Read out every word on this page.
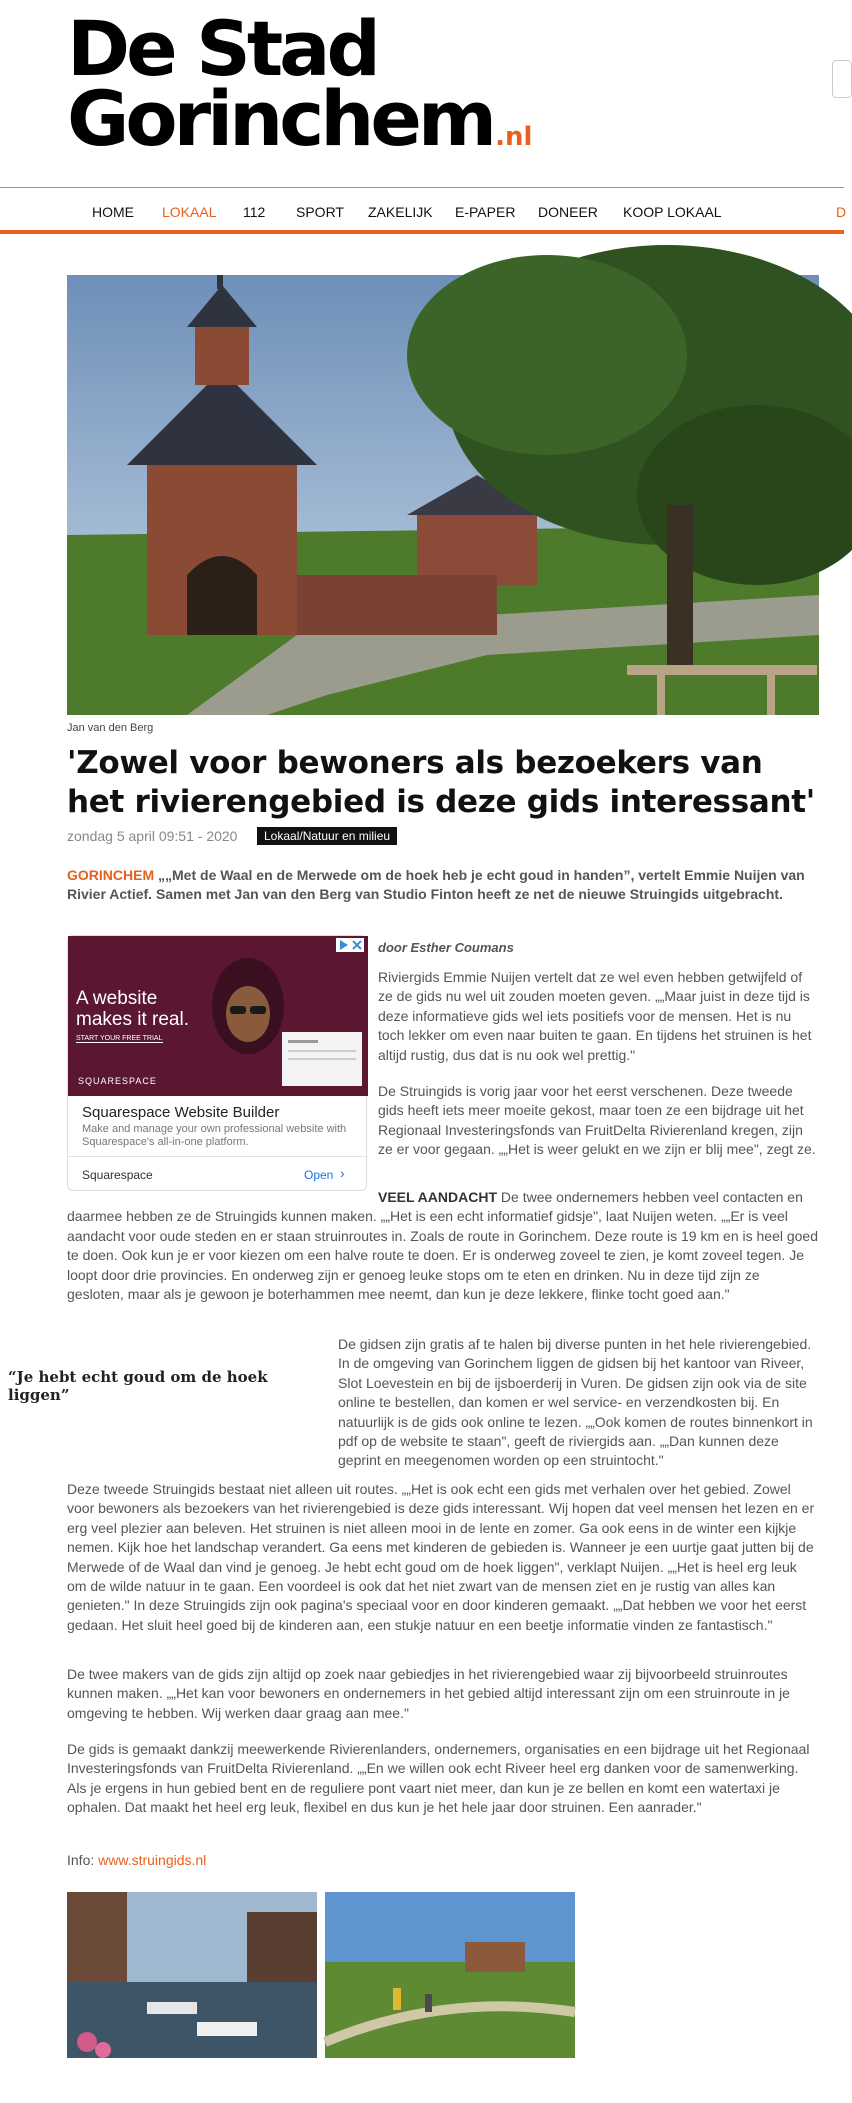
De Stad
Gorinchem.nl
HOME LOKAAL 112 SPORT ZAKELIJK E-PAPER DONEER KOOP LOKAAL	D
Jan van den Berg
'Zowel voor bewoners als bezoekers van het rivierengebied is deze gids interessant'
zondag 5 april 09:51 - 2020	Lokaal/Natuur en milieu

GORINCHEM „„Met de Waal en de Merwede om de hoek heb je echt goud in handen”, vertelt Emmie Nuijen van Rivier Actief. Samen met Jan van den Berg van Studio Finton heeft ze net de nieuwe Struingids uitgebracht.

A website
makes it real.
START YOUR FREE TRIAL
SQUARESPACE
Squarespace Website Builder
Make and manage your own professional website with Squarespace's all-in-one platform.
Squarespace	Open ›
door Esther Coumans

Riviergids Emmie Nuijen vertelt dat ze wel even hebben getwijfeld of ze de gids nu wel uit zouden moeten geven. „„Maar juist in deze tijd is deze informatieve gids wel iets positiefs voor de mensen. Het is nu toch lekker om even naar buiten te gaan. En tijdens het struinen is het altijd rustig, dus dat is nu ook wel prettig."

De Struingids is vorig jaar voor het eerst verschenen. Deze tweede gids heeft iets meer moeite gekost, maar toen ze een bijdrage uit het Regionaal Investeringsfonds van FruitDelta Rivierenland kregen, zijn ze er voor gegaan. „„Het is weer gelukt en we zijn er blij mee", zegt ze.

VEEL AANDACHT De twee ondernemers hebben veel contacten en daarmee hebben ze de Struingids kunnen maken. „„Het is een echt informatief gidsje", laat Nuijen weten. „„Er is veel aandacht voor oude steden en er staan struinroutes in. Zoals de route in Gorinchem. Deze route is 19 km en is heel goed te doen. Ook kun je er voor kiezen om een halve route te doen. Er is onderweg zoveel te zien, je komt zoveel tegen. Je loopt door drie provincies. En onderweg zijn er genoeg leuke stops om te eten en drinken. Nu in deze tijd zijn ze gesloten, maar als je gewoon je boterhammen mee neemt, dan kun je deze lekkere, flinke tocht goed aan."

“Je hebt echt goud om de hoek liggen”

De gidsen zijn gratis af te halen bij diverse punten in het hele rivierengebied. In de omgeving van Gorinchem liggen de gidsen bij het kantoor van Riveer, Slot Loevestein en bij de ijsboerderij in Vuren. De gidsen zijn ook via de site online te bestellen, dan komen er wel service- en verzendkosten bij. En natuurlijk is de gids ook online te lezen. „„Ook komen de routes binnenkort in pdf op de website te staan", geeft de riviergids aan. „„Dan kunnen deze geprint en meegenomen worden op een struintocht."

Deze tweede Struingids bestaat niet alleen uit routes. „„Het is ook echt een gids met verhalen over het gebied. Zowel voor bewoners als bezoekers van het rivierengebied is deze gids interessant. Wij hopen dat veel mensen het lezen en er erg veel plezier aan beleven. Het struinen is niet alleen mooi in de lente en zomer. Ga ook eens in de winter een kijkje nemen. Kijk hoe het landschap verandert. Ga eens met kinderen de gebieden is. Wanneer je een uurtje gaat jutten bij de Merwede of de Waal dan vind je genoeg. Je hebt echt goud om de hoek liggen", verklapt Nuijen. „„Het is heel erg leuk om de wilde natuur in te gaan. Een voordeel is ook dat het niet zwart van de mensen ziet en je rustig van alles kan genieten." In deze Struingids zijn ook pagina's speciaal voor en door kinderen gemaakt. „„Dat hebben we voor het eerst gedaan. Het sluit heel goed bij de kinderen aan, een stukje natuur en een beetje informatie vinden ze fantastisch."

De twee makers van de gids zijn altijd op zoek naar gebiedjes in het rivierengebied waar zij bijvoorbeeld struinroutes kunnen maken. „„Het kan voor bewoners en ondernemers in het gebied altijd interessant zijn om een struinroute in je omgeving te hebben. Wij werken daar graag aan mee."

De gids is gemaakt dankzij meewerkende Rivierenlanders, ondernemers, organisaties en een bijdrage uit het Regionaal Investeringsfonds van FruitDelta Rivierenland. „„En we willen ook echt Riveer heel erg danken voor de samenwerking. Als je ergens in hun gebied bent en de reguliere pont vaart niet meer, dan kun je ze bellen en komt een watertaxi je ophalen. Dat maakt het heel erg leuk, flexibel en dus kun je het hele jaar door struinen. Een aanrader."

Info: www.struingids.nl
